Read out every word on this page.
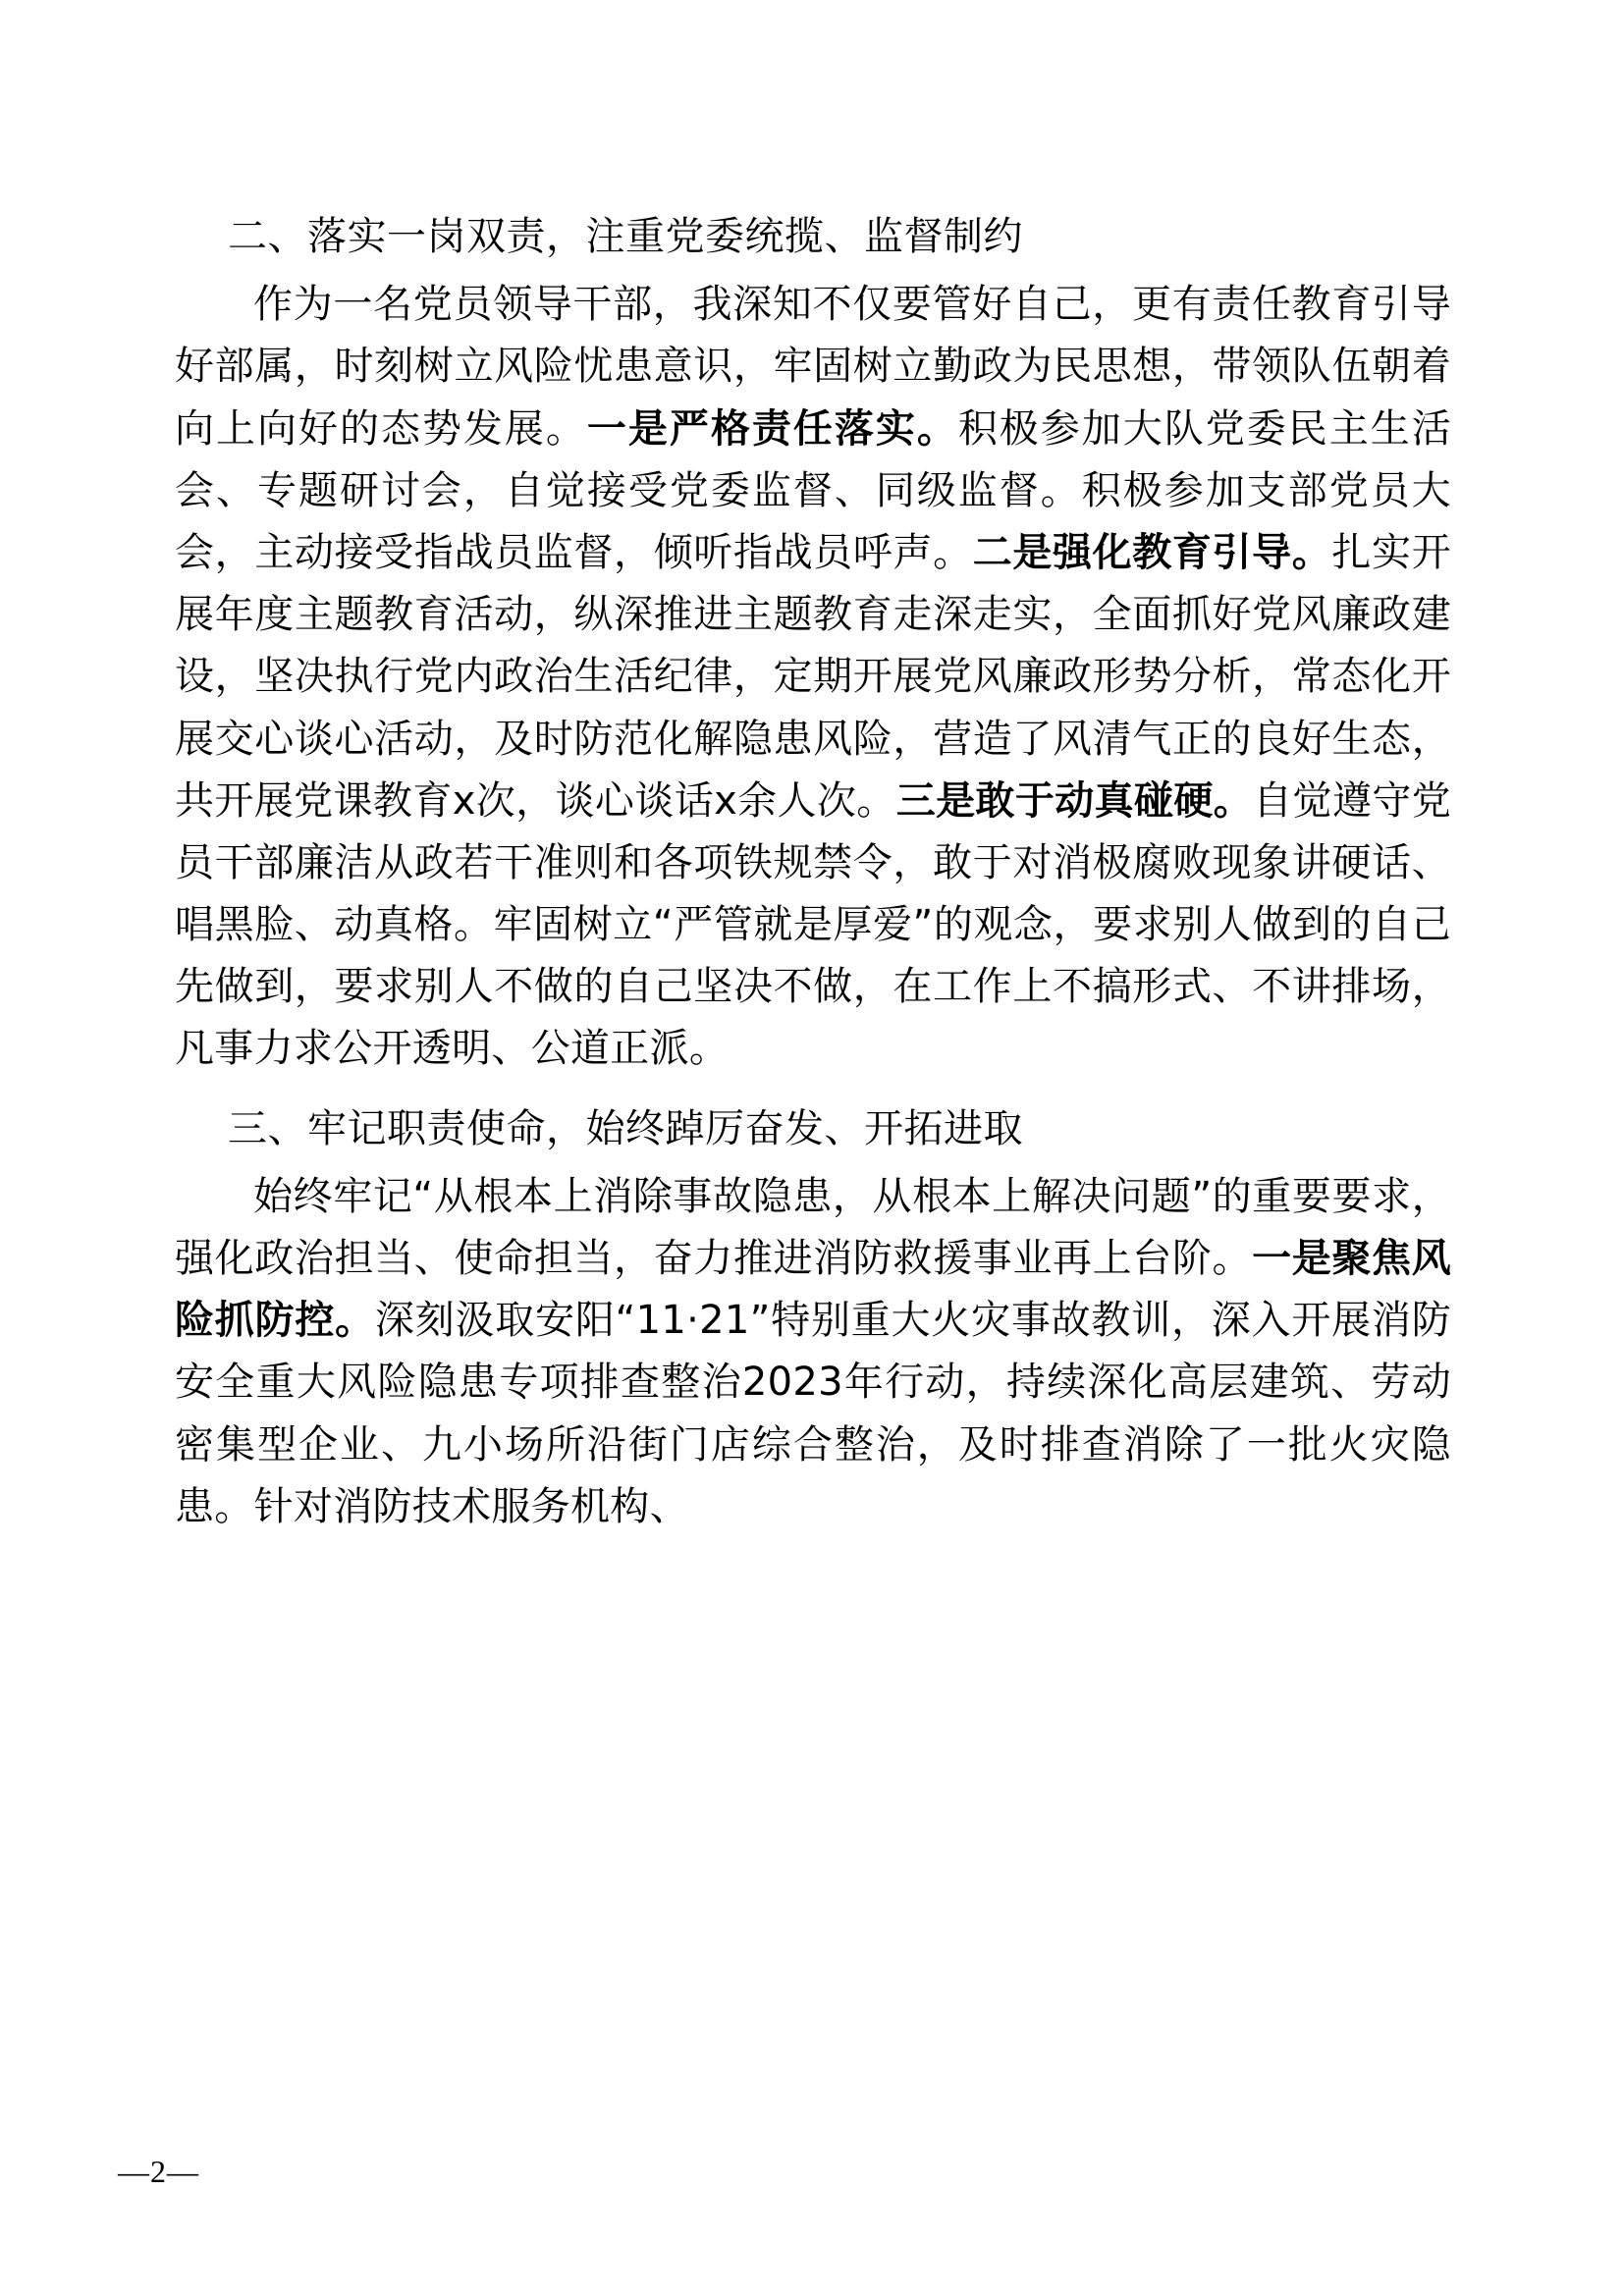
二、落实一岗双责，注重党委统揽、监督制约

作为一名党员领导干部，我深知不仅要管好自己，更有责任教育引导好部属，时刻树立风险忧患意识，牢固树立勤政为民思想，带领队伍朝着向上向好的态势发展。一是严格责任落实。积极参加大队党委民主生活会、专题研讨会，自觉接受党委监督、同级监督。积极参加支部党员大会，主动接受指战员监督，倾听指战员呼声。二是强化教育引导。扎实开展年度主题教育活动，纵深推进主题教育走深走实，全面抓好党风廉政建设，坚决执行党内政治生活纪律，定期开展党风廉政形势分析，常态化开展交心谈心活动，及时防范化解隐患风险，营造了风清气正的良好生态，共开展党课教育x次，谈心谈话x余人次。三是敢于动真碰硬。自觉遵守党员干部廉洁从政若干准则和各项铁规禁令，敢于对消极腐败现象讲硬话、唱黑脸、动真格。牢固树立“严管就是厚爱”的观念，要求别人做到的自己先做到，要求别人不做的自己坚决不做，在工作上不搞形式、不讲排场，凡事力求公开透明、公道正派。

三、牢记职责使命，始终踔厉奋发、开拓进取

始终牢记“从根本上消除事故隐患，从根本上解决问题”的重要要求，强化政治担当、使命担当，奋力推进消防救援事业再上台阶。一是聚焦风险抓防控。深刻汲取安阳“11·21”特别重大火灾事故教训，深入开展消防安全重大风险隐患专项排查整治2023年行动，持续深化高层建筑、劳动密集型企业、九小场所沿街门店综合整治，及时排查消除了一批火灾隐患。针对消防技术服务机构、

—2—
